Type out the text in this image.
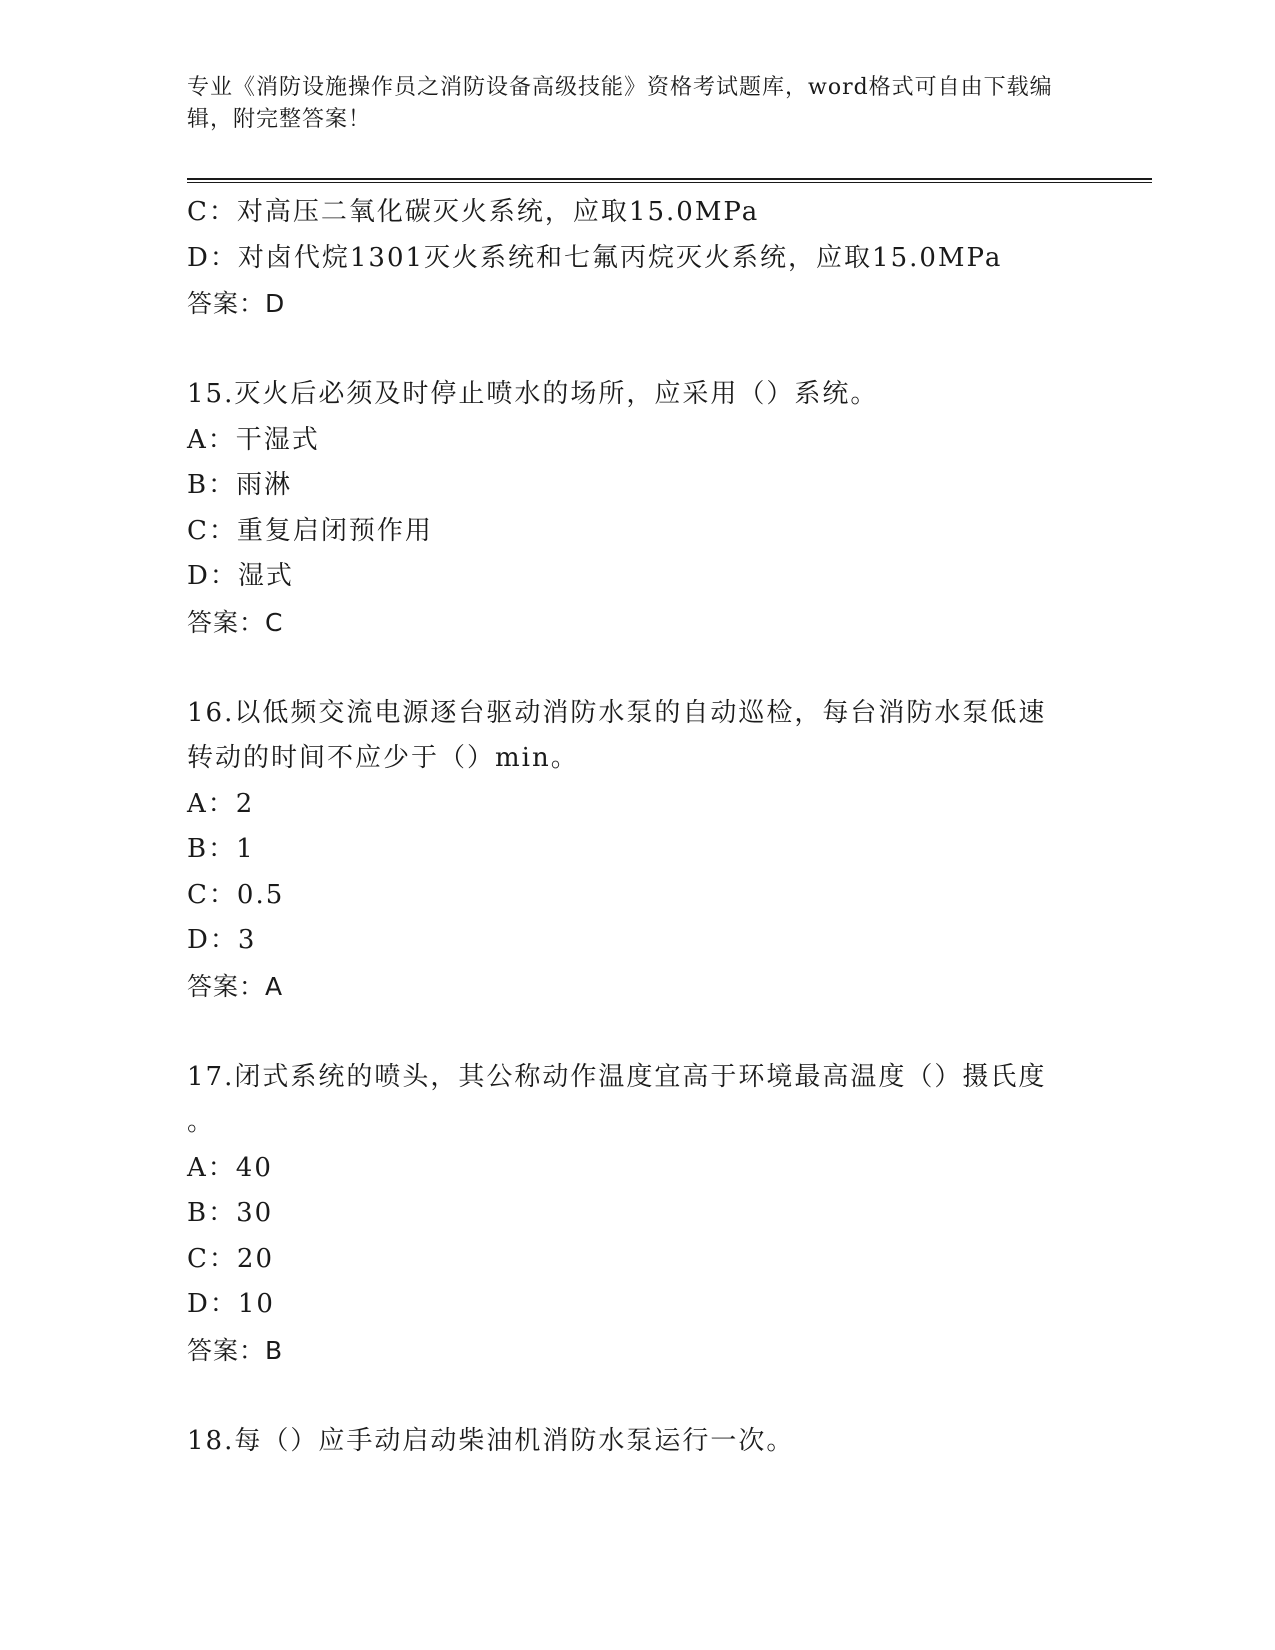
专业《消防设施操作员之消防设备高级技能》资格考试题库，word格式可自由下载编辑，附完整答案！
C：对高压二氧化碳灭火系统，应取15.0MPa
D：对卤代烷1301灭火系统和七氟丙烷灭火系统，应取15.0MPa
答案：D
15.灭火后必须及时停止喷水的场所，应采用（）系统。
A：干湿式
B：雨淋
C：重复启闭预作用
D：湿式
答案：C
16.以低频交流电源逐台驱动消防水泵的自动巡检，每台消防水泵低速
转动的时间不应少于（）min。
A：2
B：1
C：0.5
D：3
答案：A
17.闭式系统的喷头，其公称动作温度宜高于环境最高温度（）摄氏度
。
A：40
B：30
C：20
D：10
答案：B
18.每（）应手动启动柴油机消防水泵运行一次。
